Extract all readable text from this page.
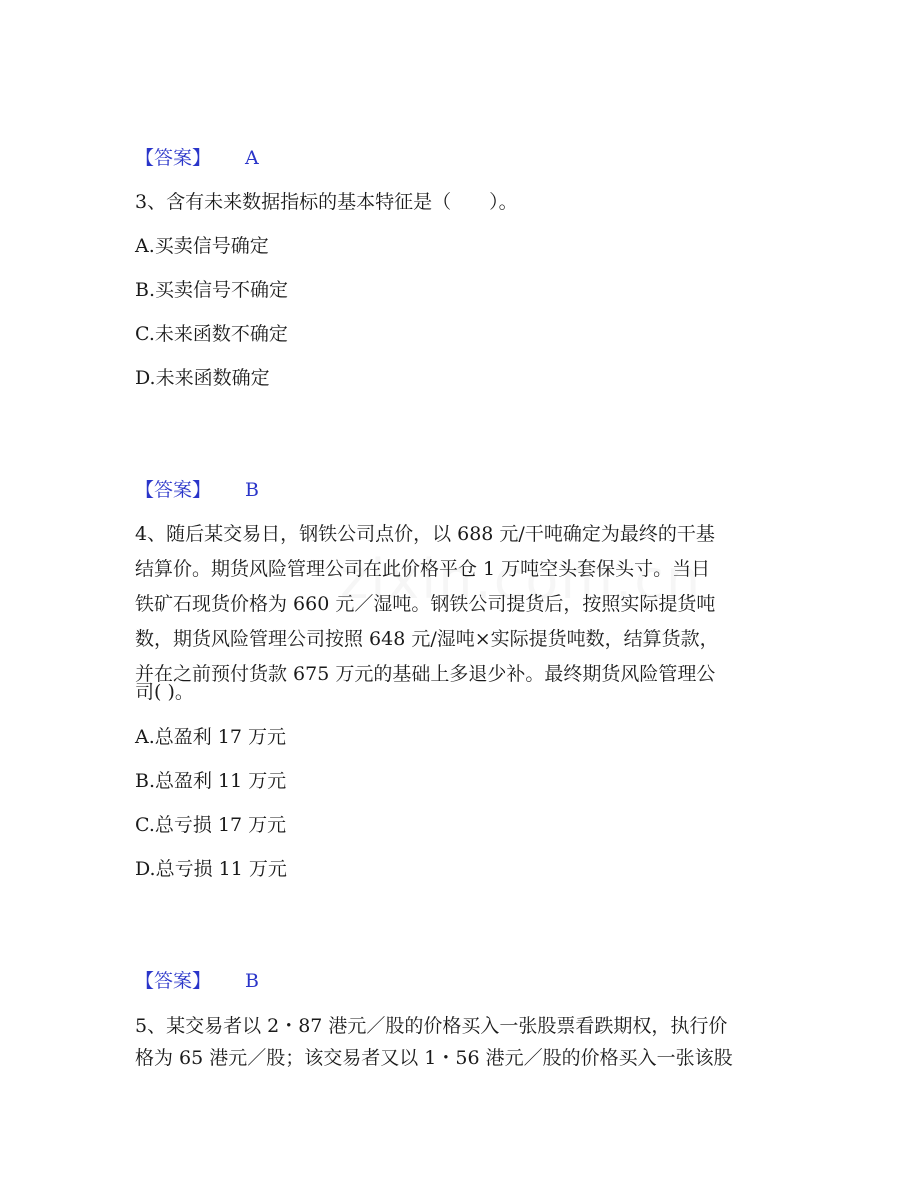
【答案】 A
3、含有未来数据指标的基本特征是（　　）。
A.买卖信号确定
B.买卖信号不确定
C.未来函数不确定
D.未来函数确定
【答案】 B
4、随后某交易日，钢铁公司点价，以 688 元/干吨确定为最终的干基
结算价。期货风险管理公司在此价格平仓 1 万吨空头套保头寸。当日
铁矿石现货价格为 660 元／湿吨。钢铁公司提货后，按照实际提货吨
数，期货风险管理公司按照 648 元/湿吨×实际提货吨数，结算货款，
并在之前预付货款 675 万元的基础上多退少补。最终期货风险管理公
司( )。
A.总盈利 17 万元
B.总盈利 11 万元
C.总亏损 17 万元
D.总亏损 11 万元
【答案】 B
5、某交易者以 2・87 港元／股的价格买入一张股票看跌期权，执行价
格为 65 港元／股；该交易者又以 1・56 港元／股的价格买入一张该股
